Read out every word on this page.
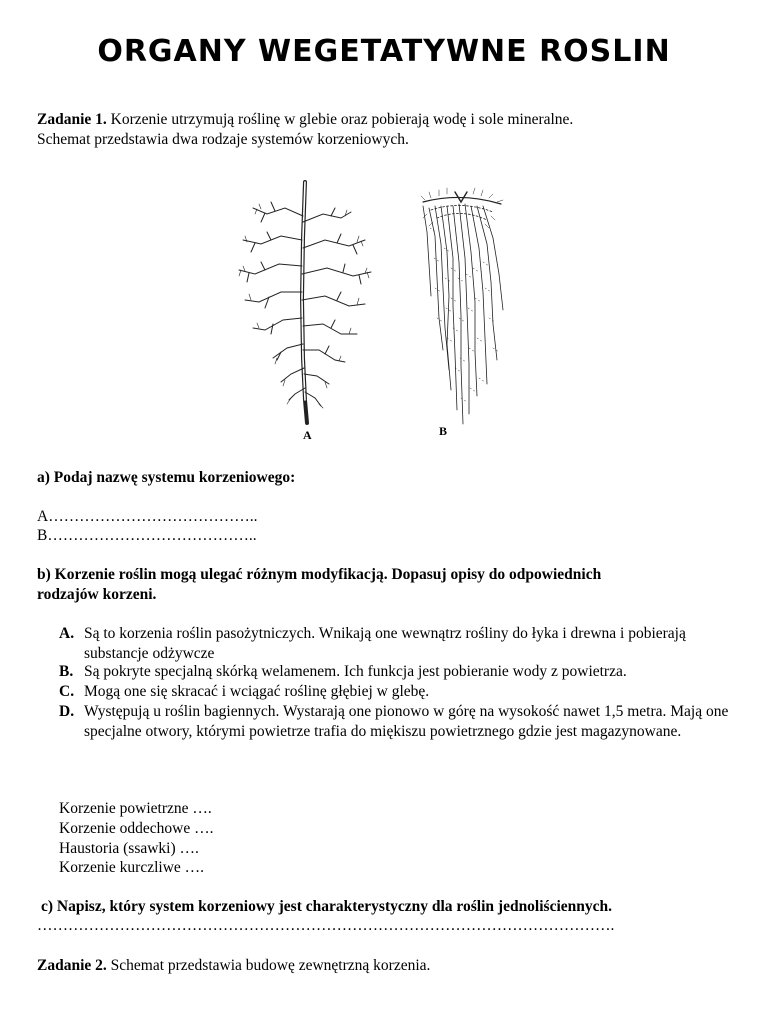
ORGANY WEGETATYWNE ROSLIN
Zadanie 1. Korzenie utrzymują roślinę w glebie oraz pobierają wodę i sole mineralne.
Schemat przedstawia dwa rodzaje systemów korzeniowych.
A	B
a) Podaj nazwę systemu korzeniowego:
A…………………………………..
B…………………………………..
b) Korzenie roślin mogą ulegać różnym modyfikacją. Dopasuj opisy do odpowiednich
rodzajów korzeni.
A. Są to korzenia roślin pasożytniczych. Wnikają one wewnątrz rośliny do łyka i drewna i pobierają substancje odżywcze
B. Są pokryte specjalną skórką welamenem. Ich funkcja jest pobieranie wody z powietrza.
C. Mogą one się skracać i wciągać roślinę głębiej w glebę.
D. Występują u roślin bagiennych. Wystarają one pionowo w górę na wysokość nawet 1,5 metra. Mają one specjalne otwory, którymi powietrze trafia do miękiszu powietrznego gdzie jest magazynowane.
Korzenie powietrzne ….
Korzenie oddechowe ….
Haustoria (ssawki) ….
Korzenie kurczliwe ….
c) Napisz, który system korzeniowy jest charakterystyczny dla roślin jednoliściennych.
………………………………………………………………………………………………….
Zadanie 2. Schemat przedstawia budowę zewnętrzną korzenia.
